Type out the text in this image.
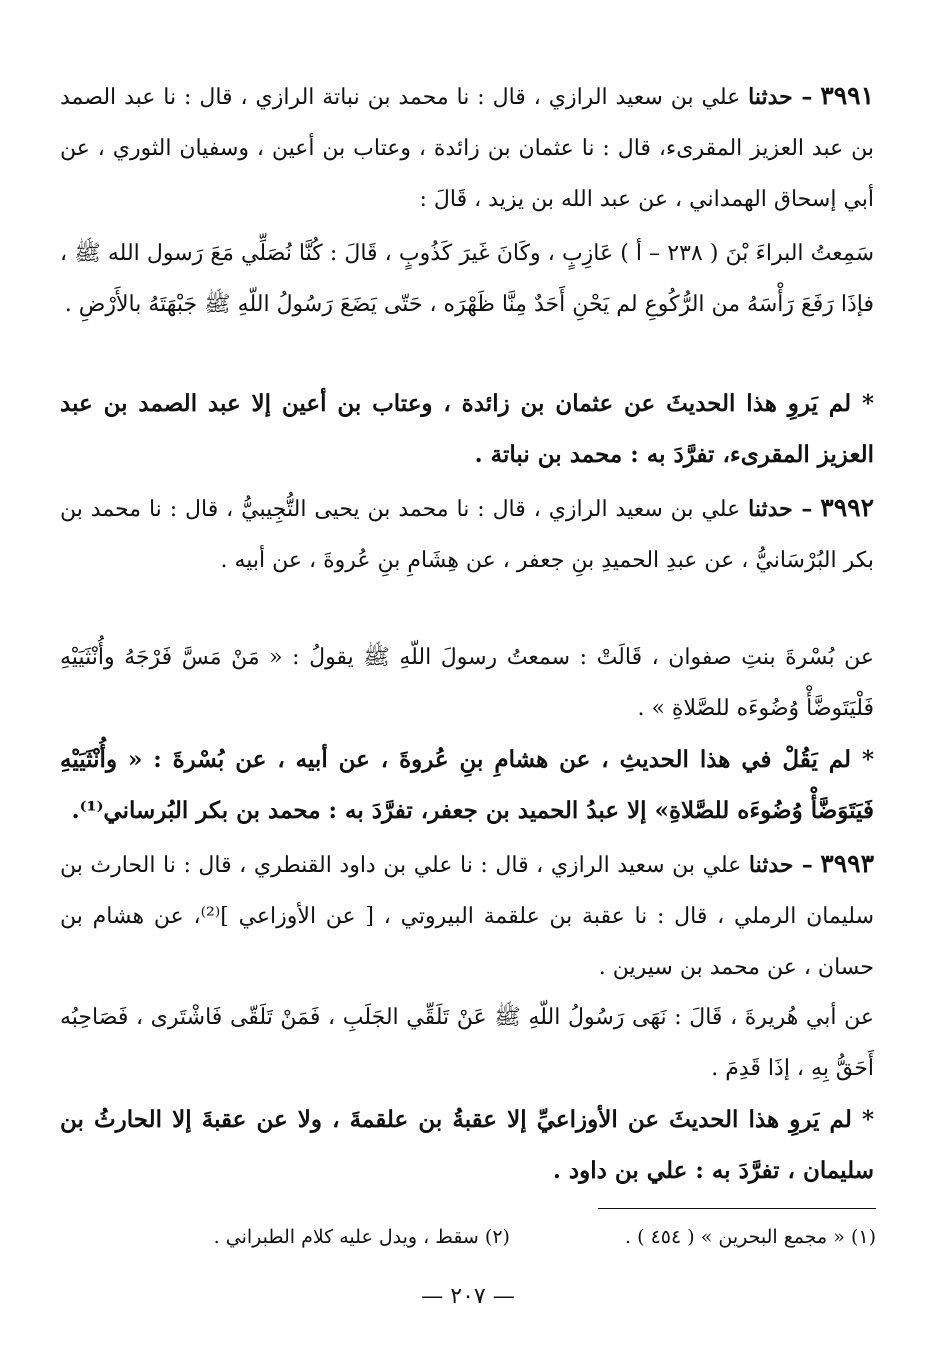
٣٩٩١ – حدثنا علي بن سعيد الرازي ، قال : نا محمد بن نباتة الرازي ، قال : نا عبد الصمد بن عبد العزيز المقرىء، قال : نا عثمان بن زائدة ، وعتاب بن أعين ، وسفيان الثوري ، عن أبي إسحاق الهمداني ، عن عبد الله بن يزيد ، قَالَ :

سَمِعتُ البراءَ بْنَ ( ٢٣٨ – أ ) عَازِبٍ ، وكَانَ غَيرَ كَذُوبٍ ، قَالَ : كُنَّا نُصَلِّي مَعَ رَسول الله ﷺ ، فإذَا رَفَعَ رَأْسَهُ من الرُّكُوعِ لم يَحْنِ أَحَدٌ مِنَّا ظَهْرَه ، حَتّى يَضَعَ رَسُولُ اللّهِ ﷺ جَبْهَتَهُ بالأَرْضِ .

* لم يَروِ هذا الحديثَ عن عثمان بن زائدة ، وعتاب بن أعين إلا عبد الصمد بن عبد العزيز المقرىء، تفرَّدَ به : محمد بن نباتة .

٣٩٩٢ – حدثنا علي بن سعيد الرازي ، قال : نا محمد بن يحيى التُّجِيبيُّ ، قال : نا محمد بن بكر البُرْسَانيُّ ، عن عبدِ الحميدِ بنِ جعفر ، عن هِشَامِ بنِ عُروةَ ، عن أبيه .

عن بُسْرةَ بنتِ صفوان ، قَالَتْ : سمعتُ رسولَ اللّهِ ﷺ يقولُ : « مَنْ مَسَّ فَرْجَهُ وأُنْثَيَيْهِ فَلْيَتَوضَّأْ وُضُوءَه للصَّلاةِ » .

* لم يَقُلْ في هذا الحديثِ ، عن هشامِ بنِ عُروةَ ، عن أبيه ، عن بُسْرةَ : « وأُنْثَيَيْهِ فَيَتَوَضَّأْ وُضُوءَه للصَّلاةِ» إلا عبدُ الحميد بن جعفر، تفرَّدَ به : محمد بن بكر البُرساني⁽¹⁾.

٣٩٩٣ – حدثنا علي بن سعيد الرازي ، قال : نا علي بن داود القنطري ، قال : نا الحارث بن سليمان الرملي ، قال : نا عقبة بن علقمة البيروتي ، [ عن الأوزاعي ]⁽²⁾، عن هشام بن حسان ، عن محمد بن سيرين .

عن أبي هُريرةَ ، قَالَ : نَهَى رَسُولُ اللّهِ ﷺ عَنْ تَلَقِّي الجَلَبِ ، فَمَنْ تَلَقّى فَاشْتَرى ، فَصَاحِبُه أَحَقُّ بِهِ ، إذَا قَدِمَ .

* لم يَروِ هذا الحديثَ عن الأوزاعيِّ إلا عقبةُ بن علقمةَ ، ولا عن عقبةَ إلا الحارثُ بن سليمان ، تفرَّدَ به : علي بن داود .

(١) « مجمع البحرين » ( ٤٥٤ ) . (٢) سقط ، ويدل عليه كلام الطبراني .
— ٢٠٧ —
